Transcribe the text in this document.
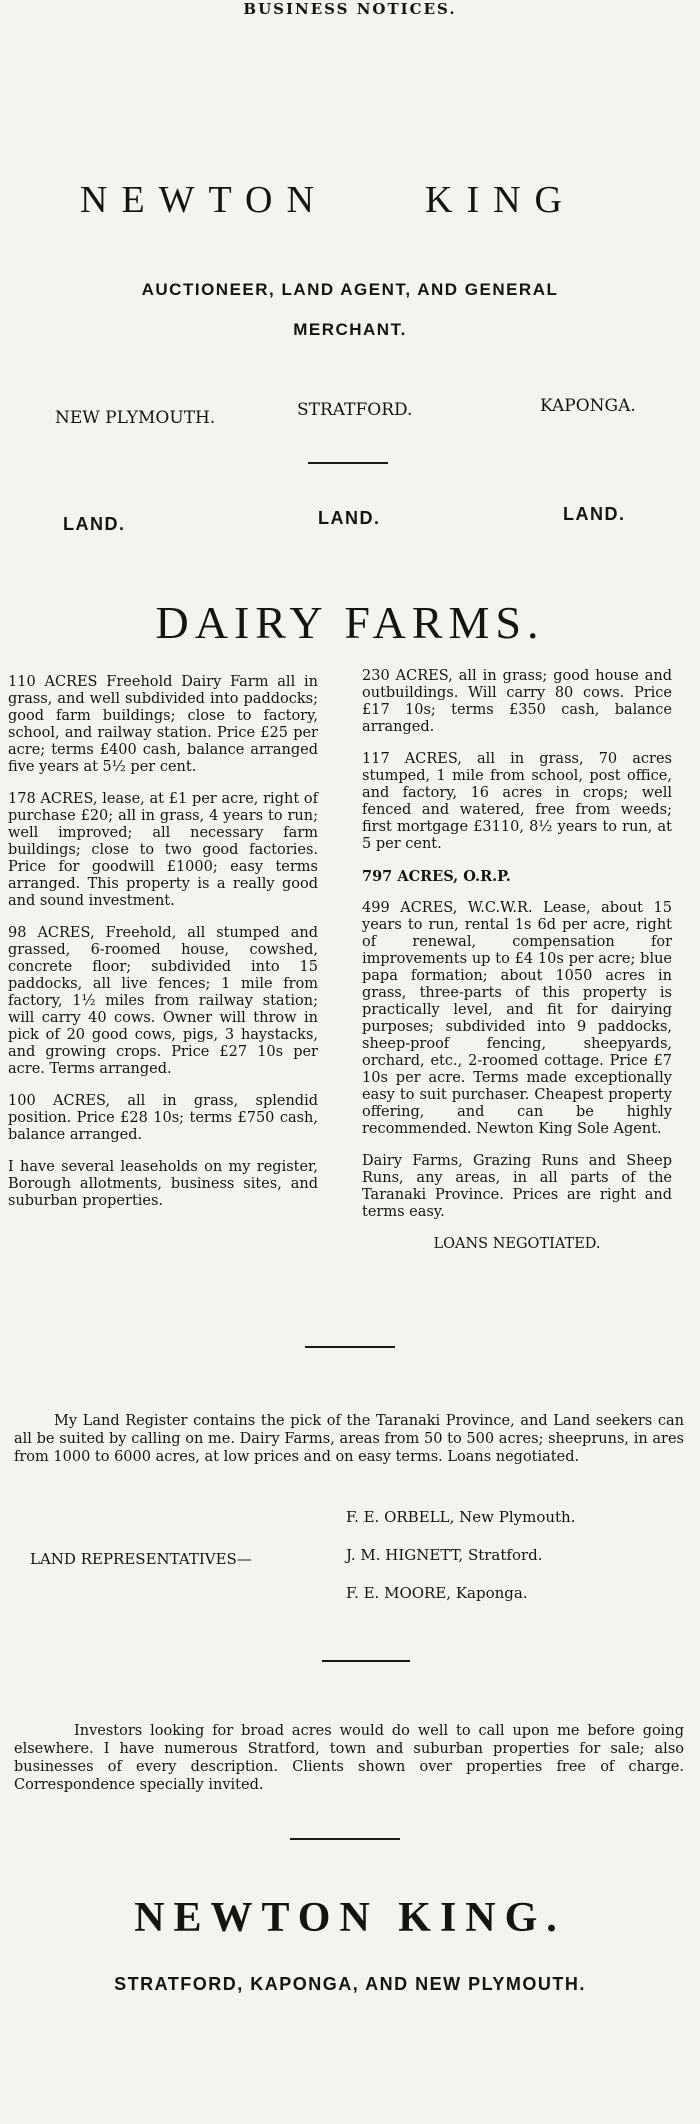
BUSINESS NOTICES.
NEWTON	KING
AUCTIONEER, LAND AGENT, AND GENERAL
MERCHANT.
NEW PLYMOUTH.	STRATFORD.	KAPONGA.
LAND.	LAND.	LAND.
DAIRY FARMS.

110 ACRES Freehold Dairy Farm all in grass, and well subdivided into paddocks; good farm buildings; close to factory, school, and railway station. Price £25 per acre; terms £400 cash, balance arranged five years at 5½ per cent.

178 ACRES, lease, at £1 per acre, right of purchase £20; all in grass, 4 years to run; well improved; all necessary farm buildings; close to two good factories. Price for goodwill £1000; easy terms arranged. This property is a really good and sound investment.

98 ACRES, Freehold, all stumped and grassed, 6-roomed house, cowshed, concrete floor; subdivided into 15 paddocks, all live fences; 1 mile from factory, 1½ miles from railway station; will carry 40 cows. Owner will throw in pick of 20 good cows, pigs, 3 haystacks, and growing crops. Price £27 10s per acre. Terms arranged.

100 ACRES, all in grass, splendid position. Price £28 10s; terms £750 cash, balance arranged.

I have several leaseholds on my register, Borough allotments, business sites, and suburban properties.

230 ACRES, all in grass; good house and outbuildings. Will carry 80 cows. Price £17 10s; terms £350 cash, balance arranged.

117 ACRES, all in grass, 70 acres stumped, 1 mile from school, post office, and factory, 16 acres in crops; well fenced and watered, free from weeds; first mortgage £3110, 8½ years to run, at 5 per cent.

797 ACRES, O.R.P.

499 ACRES, W.C.W.R. Lease, about 15 years to run, rental 1s 6d per acre, right of renewal, compensation for improvements up to £4 10s per acre; blue papa formation; about 1050 acres in grass, three-parts of this property is practically level, and fit for dairying purposes; subdivided into 9 paddocks, sheep-proof fencing, sheepyards, orchard, etc., 2-roomed cottage. Price £7 10s per acre. Terms made exceptionally easy to suit purchaser. Cheapest property offering, and can be highly recommended. Newton King Sole Agent.

Dairy Farms, Grazing Runs and Sheep Runs, any areas, in all parts of the Taranaki Province. Prices are right and terms easy.

LOANS NEGOTIATED.
My Land Register contains the pick of the Taranaki Province, and Land seekers can all be suited by calling on me. Dairy Farms, areas from 50 to 500 acres; sheepruns, in ares from 1000 to 6000 acres, at low prices and on easy terms. Loans negotiated.
LAND REPRESENTATIVES—
F. E. ORBELL, New Plymouth.
J. M. HIGNETT, Stratford.
F. E. MOORE, Kaponga.
Investors looking for broad acres would do well to call upon me before going elsewhere. I have numerous Stratford, town and suburban properties for sale; also businesses of every description. Clients shown over properties free of charge. Correspondence specially invited.
NEWTON KING.
STRATFORD, KAPONGA, AND NEW PLYMOUTH.
